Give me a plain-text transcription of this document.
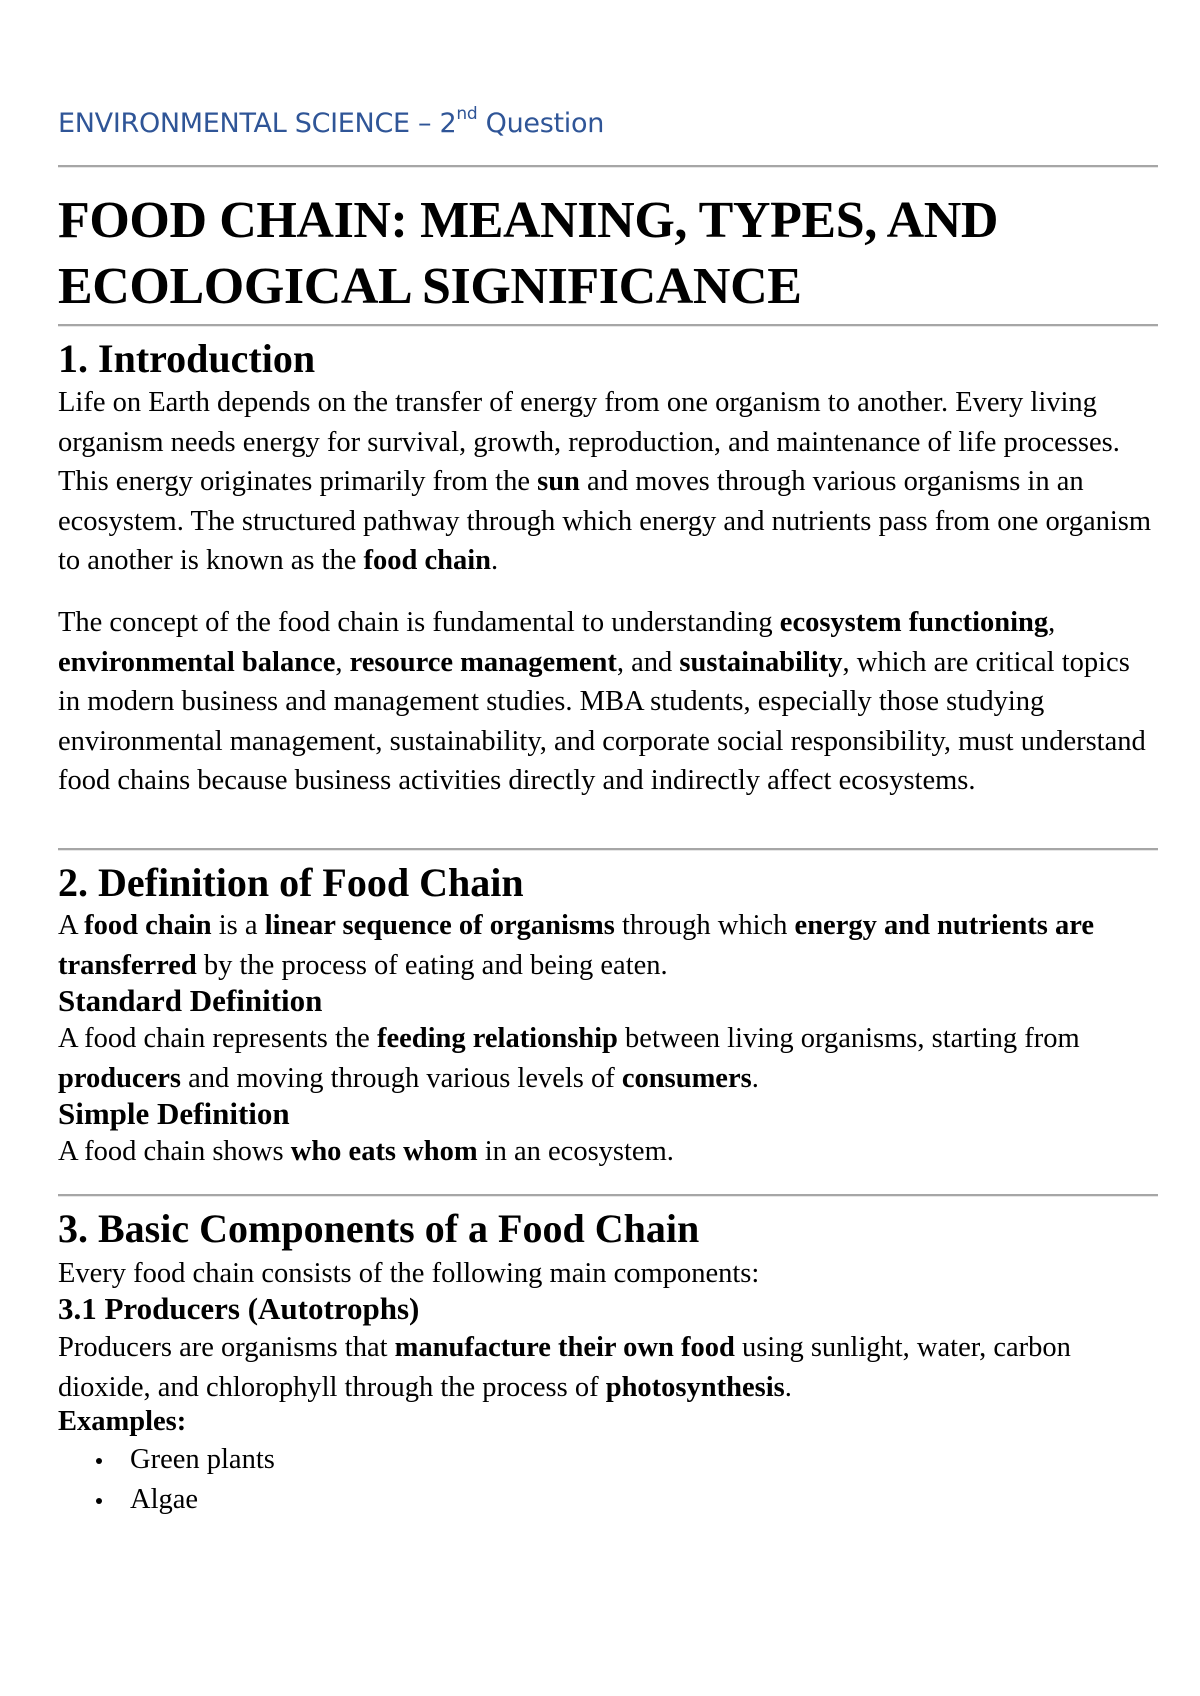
ENVIRONMENTAL SCIENCE – 2nd Question
FOOD CHAIN: MEANING, TYPES, AND
ECOLOGICAL SIGNIFICANCE
1. Introduction

Life on Earth depends on the transfer of energy from one organism to another. Every living organism needs energy for survival, growth, reproduction, and maintenance of life processes. This energy originates primarily from the sun and moves through various organisms in an ecosystem. The structured pathway through which energy and nutrients pass from one organism to another is known as the food chain.

The concept of the food chain is fundamental to understanding ecosystem functioning, environmental balance, resource management, and sustainability, which are critical topics in modern business and management studies. MBA students, especially those studying environmental management, sustainability, and corporate social responsibility, must understand food chains because business activities directly and indirectly affect ecosystems.

2. Definition of Food Chain

A food chain is a linear sequence of organisms through which energy and nutrients are transferred by the process of eating and being eaten.

Standard Definition

A food chain represents the feeding relationship between living organisms, starting from producers and moving through various levels of consumers.

Simple Definition

A food chain shows who eats whom in an ecosystem.

3. Basic Components of a Food Chain

Every food chain consists of the following main components:

3.1 Producers (Autotrophs)

Producers are organisms that manufacture their own food using sunlight, water, carbon dioxide, and chlorophyll through the process of photosynthesis.

Examples:

Green plants
Algae
